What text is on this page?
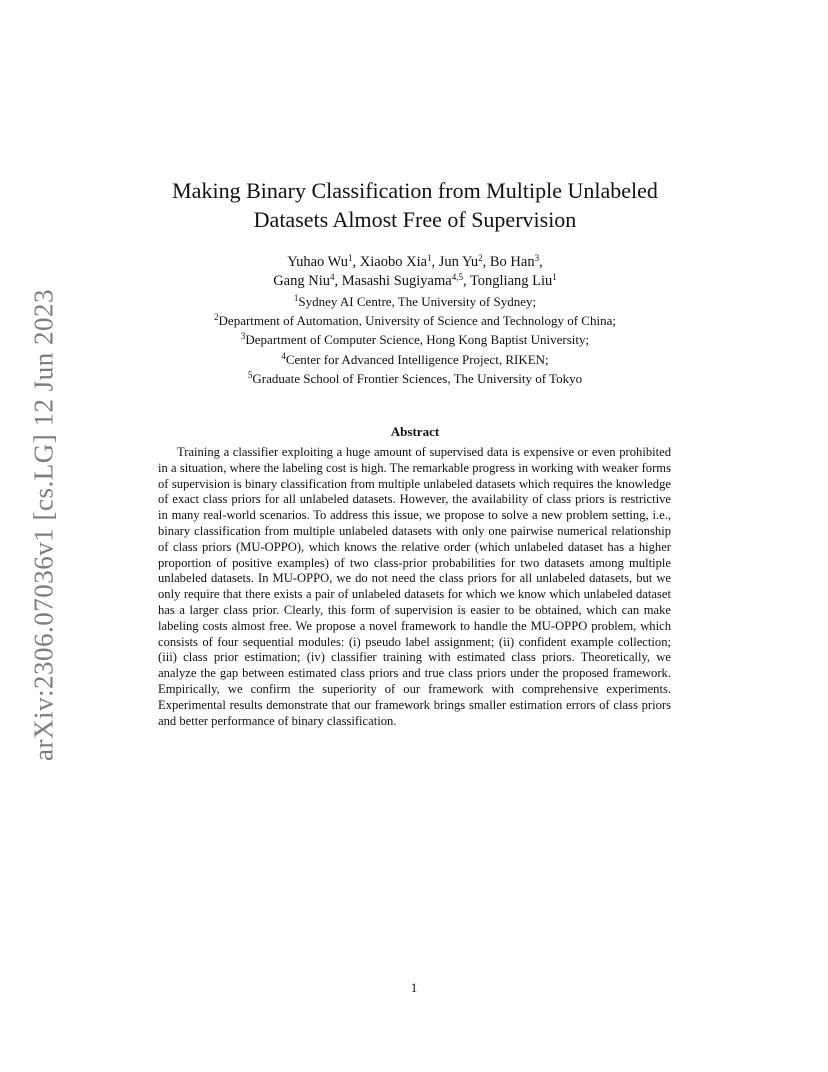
arXiv:2306.07036v1 [cs.LG] 12 Jun 2023
Making Binary Classification from Multiple Unlabeled
Datasets Almost Free of Supervision
Yuhao Wu$^1$, Xiaobo Xia$^1$, Jun Yu$^2$, Bo Han$^3$,
Gang Niu$^4$, Masashi Sugiyama$^{4,5}$, Tongliang Liu$^1$
$^1$Sydney AI Centre, The University of Sydney;
$^2$Department of Automation, University of Science and Technology of China;
$^3$Department of Computer Science, Hong Kong Baptist University;
$^4$Center for Advanced Intelligence Project, RIKEN;
$^5$Graduate School of Frontier Sciences, The University of Tokyo
Abstract

Training a classifier exploiting a huge amount of supervised data is expensive or even prohibited in a situation, where the labeling cost is high. The remarkable progress in working with weaker forms of supervision is binary classification from multiple unlabeled datasets which requires the knowledge of exact class priors for all unlabeled datasets. However, the availability of class priors is restrictive in many real-world scenarios. To address this issue, we propose to solve a new problem setting, i.e., binary classification from multiple unlabeled datasets with only one pairwise numerical relationship of class priors (MU-OPPO), which knows the relative order (which unlabeled dataset has a higher proportion of positive examples) of two class-prior probabilities for two datasets among multiple unlabeled datasets. In MU-OPPO, we do not need the class priors for all unlabeled datasets, but we only require that there exists a pair of unlabeled datasets for which we know which unlabeled dataset has a larger class prior. Clearly, this form of supervision is easier to be obtained, which can make labeling costs almost free. We propose a novel framework to handle the MU-OPPO problem, which consists of four sequential modules: (i) pseudo label assignment; (ii) confident example collection; (iii) class prior estimation; (iv) classifier training with estimated class priors. Theoretically, we analyze the gap between estimated class priors and true class priors under the proposed framework. Empirically, we confirm the superiority of our framework with comprehensive experiments. Experimental results demonstrate that our framework brings smaller estimation errors of class priors and better performance of binary classification.

1
